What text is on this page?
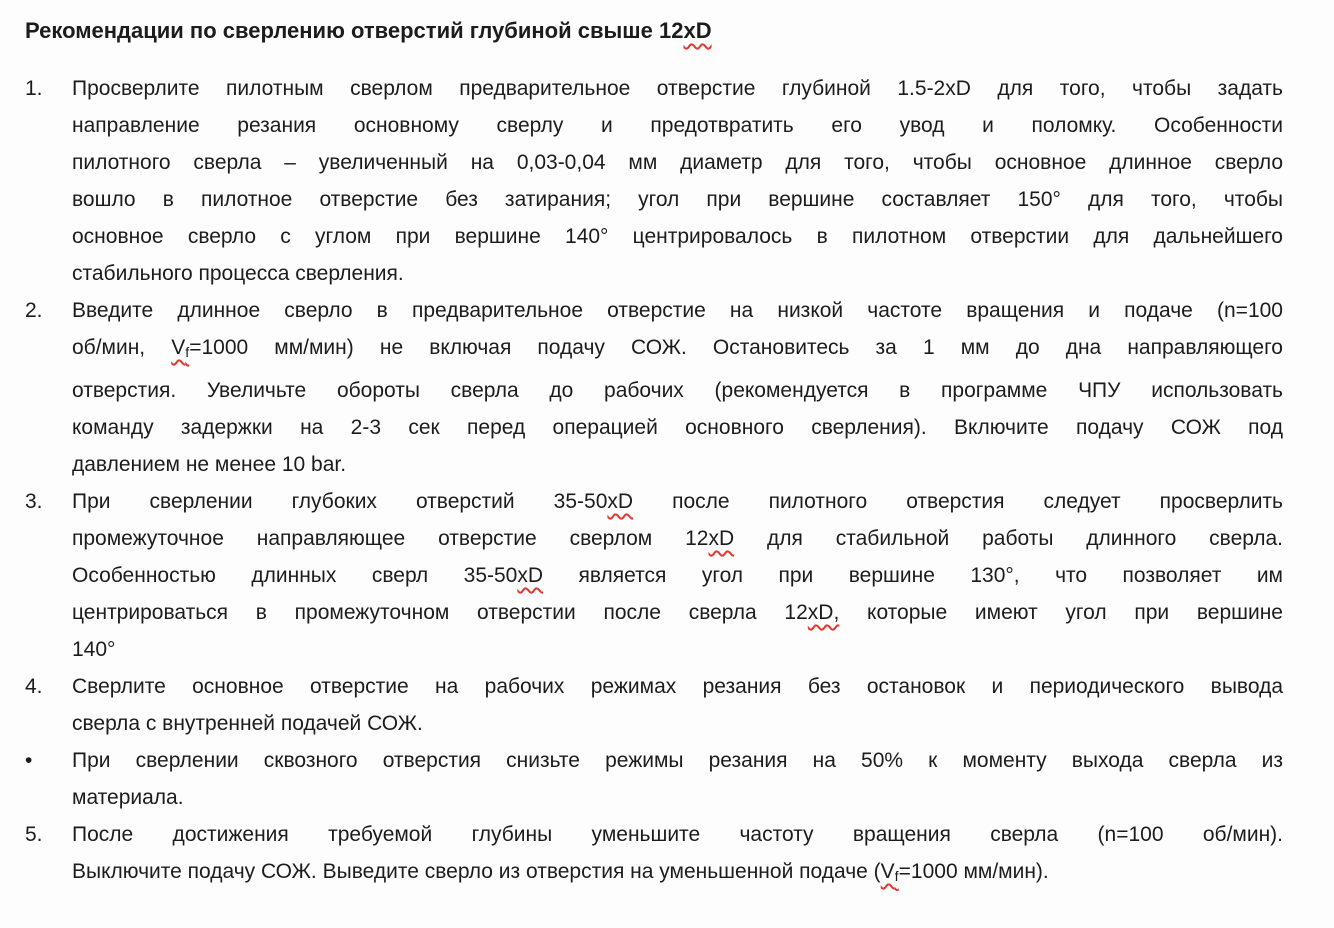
Рекомендации по сверлению отверстий глубиной свыше 12xD
1.	Просверлите пилотным сверлом предварительное отверстие глубиной 1.5-2xD для того, чтобы задать
направление резания основному сверлу и предотвратить его увод и поломку. Особенности
пилотного сверла – увеличенный на 0,03-0,04 мм диаметр для того, чтобы основное длинное сверло
вошло в пилотное отверстие без затирания; угол при вершине составляет 150° для того, чтобы
основное сверло с углом при вершине 140° центрировалось в пилотном отверстии для дальнейшего
стабильного процесса сверления.
2.	Введите длинное сверло в предварительное отверстие на низкой частоте вращения и подаче (n=100
об/мин, $V_f=1000$ мм/мин) не включая подачу СОЖ. Остановитесь за 1 мм до дна направляющего
отверстия. Увеличьте обороты сверла до рабочих (рекомендуется в программе ЧПУ использовать
команду задержки на 2-3 сек перед операцией основного сверления). Включите подачу СОЖ под
давлением не менее 10 bar.
3.	При сверлении глубоких отверстий 35-50xD после пилотного отверстия следует просверлить
промежуточное направляющее отверстие сверлом 12xD для стабильной работы длинного сверла.
Особенностью длинных сверл 35-50xD является угол при вершине 130°, что позволяет им
центрироваться в промежуточном отверстии после сверла 12xD, которые имеют угол при вершине
140°
4.	Сверлите основное отверстие на рабочих режимах резания без остановок и периодического вывода
сверла с внутренней подачей СОЖ.
•	При сверлении сквозного отверстия снизьте режимы резания на 50% к моменту выхода сверла из
материала.
5.	После достижения требуемой глубины уменьшите частоту вращения сверла (n=100 об/мин).
Выключите подачу СОЖ. Выведите сверло из отверстия на уменьшенной подаче ($V_f=1000$ мм/мин).
